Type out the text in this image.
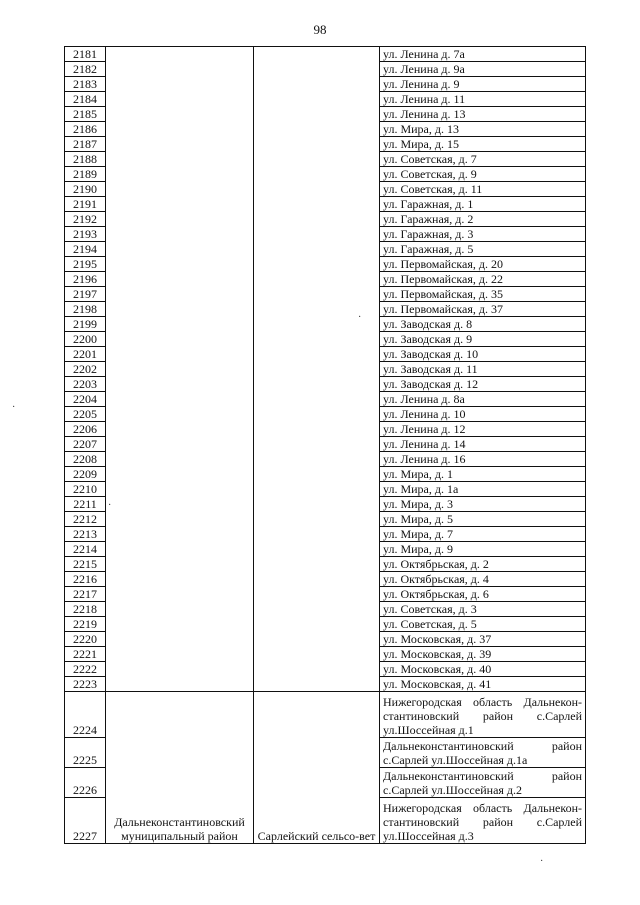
98
2181			ул. Ленина д. 7а
2182			ул. Ленина д. 9а
2183			ул. Ленина д. 9
2184			ул. Ленина д. 11
2185			ул. Ленина д. 13
2186			ул. Мира, д. 13
2187			ул. Мира, д. 15
2188			ул. Советская, д. 7
2189			ул. Советская, д. 9
2190			ул. Советская, д. 11
2191			ул. Гаражная, д. 1
2192			ул. Гаражная, д. 2
2193			ул. Гаражная, д. 3
2194			ул. Гаражная, д. 5
2195			ул. Первомайская, д. 20
2196			ул. Первомайская, д. 22
2197			ул. Первомайская, д. 35
2198			ул. Первомайская, д. 37
2199			ул. Заводская д. 8
2200			ул. Заводская д. 9
2201			ул. Заводская д. 10
2202			ул. Заводская д. 11
2203			ул. Заводская д. 12
2204			ул. Ленина д. 8а
2205			ул. Ленина д. 10
2206			ул. Ленина д. 12
2207			ул. Ленина д. 14
2208			ул. Ленина д. 16
2209			ул. Мира, д. 1
2210			ул. Мира, д. 1а
2211			ул. Мира, д. 3
2212			ул. Мира, д. 5
2213			ул. Мира, д. 7
2214			ул. Мира, д. 9
2215			ул. Октябрьская, д. 2
2216			ул. Октябрьская, д. 4
2217			ул. Октябрьская, д. 6
2218			ул. Советская, д. 3
2219			ул. Советская, д. 5
2220			ул. Московская, д. 37
2221			ул. Московская, д. 39
2222			ул. Московская, д. 40
2223			ул. Московская, д. 41
2224	Дальнеконстантиновский муниципальный район	Сарлейский сельсо-вет	Нижегородская область Дальнекон-стантиновский район с.Сарлей ул.Шоссейная д.1
2225			Дальнеконстантиновский район с.Сарлей ул.Шоссейная д.1а
2226			Дальнеконстантиновский район с.Сарлей ул.Шоссейная д.2
2227			Нижегородская область Дальнекон-стантиновский район с.Сарлей ул.Шоссейная д.3
·
·
·
·
